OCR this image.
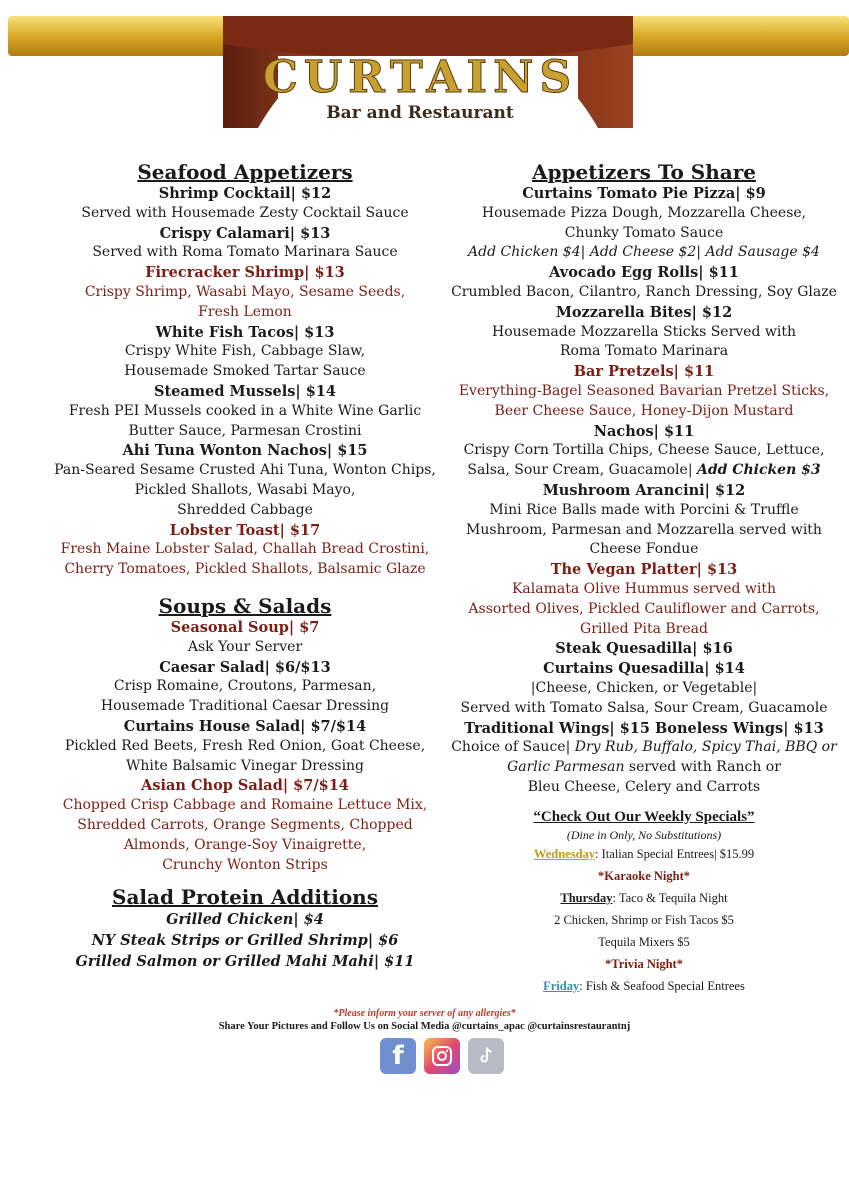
CURTAINS
Bar and Restaurant
Seafood Appetizers
Shrimp Cocktail| $12
Served with Housemade Zesty Cocktail Sauce
Crispy Calamari| $13
Served with Roma Tomato Marinara Sauce
Firecracker Shrimp| $13
Crispy Shrimp, Wasabi Mayo, Sesame Seeds,
Fresh Lemon
White Fish Tacos| $13
Crispy White Fish, Cabbage Slaw,
Housemade Smoked Tartar Sauce
Steamed Mussels| $14
Fresh PEI Mussels cooked in a White Wine Garlic
Butter Sauce, Parmesan Crostini
Ahi Tuna Wonton Nachos| $15
Pan-Seared Sesame Crusted Ahi Tuna, Wonton Chips,
Pickled Shallots, Wasabi Mayo,
Shredded Cabbage
Lobster Toast| $17
Fresh Maine Lobster Salad, Challah Bread Crostini,
Cherry Tomatoes, Pickled Shallots, Balsamic Glaze
Soups & Salads
Seasonal Soup| $7
Ask Your Server
Caesar Salad| $6/$13
Crisp Romaine, Croutons, Parmesan,
Housemade Traditional Caesar Dressing
Curtains House Salad| $7/$14
Pickled Red Beets, Fresh Red Onion, Goat Cheese,
White Balsamic Vinegar Dressing
Asian Chop Salad| $7/$14
Chopped Crisp Cabbage and Romaine Lettuce Mix,
Shredded Carrots, Orange Segments, Chopped
Almonds, Orange-Soy Vinaigrette,
Crunchy Wonton Strips
Salad Protein Additions
Grilled Chicken| $4
NY Steak Strips or Grilled Shrimp| $6
Grilled Salmon or Grilled Mahi Mahi| $11
Appetizers To Share
Curtains Tomato Pie Pizza| $9
Housemade Pizza Dough, Mozzarella Cheese,
Chunky Tomato Sauce
Add Chicken $4| Add Cheese $2| Add Sausage $4
Avocado Egg Rolls| $11
Crumbled Bacon, Cilantro, Ranch Dressing, Soy Glaze
Mozzarella Bites| $12
Housemade Mozzarella Sticks Served with
Roma Tomato Marinara
Bar Pretzels| $11
Everything-Bagel Seasoned Bavarian Pretzel Sticks,
Beer Cheese Sauce, Honey-Dijon Mustard
Nachos| $11
Crispy Corn Tortilla Chips, Cheese Sauce, Lettuce,
Salsa, Sour Cream, Guacamole| Add Chicken $3
Mushroom Arancini| $12
Mini Rice Balls made with Porcini & Truffle
Mushroom, Parmesan and Mozzarella served with
Cheese Fondue
The Vegan Platter| $13
Kalamata Olive Hummus served with
Assorted Olives, Pickled Cauliflower and Carrots,
Grilled Pita Bread
Steak Quesadilla| $16
Curtains Quesadilla| $14
|Cheese, Chicken, or Vegetable|
Served with Tomato Salsa, Sour Cream, Guacamole
Traditional Wings| $15 Boneless Wings| $13
Choice of Sauce| Dry Rub, Buffalo, Spicy Thai, BBQ or
Garlic Parmesan served with Ranch or
Bleu Cheese, Celery and Carrots
“Check Out Our Weekly Specials”
(Dine in Only, No Substitutions)
Wednesday: Italian Special Entrees| $15.99
*Karaoke Night*
Thursday: Taco & Tequila Night
2 Chicken, Shrimp or Fish Tacos $5
Tequila Mixers $5
*Trivia Night*
Friday: Fish & Seafood Special Entrees
*Please inform your server of any allergies*
Share Your Pictures and Follow Us on Social Media @curtains_apac @curtainsrestaurantnj
f
